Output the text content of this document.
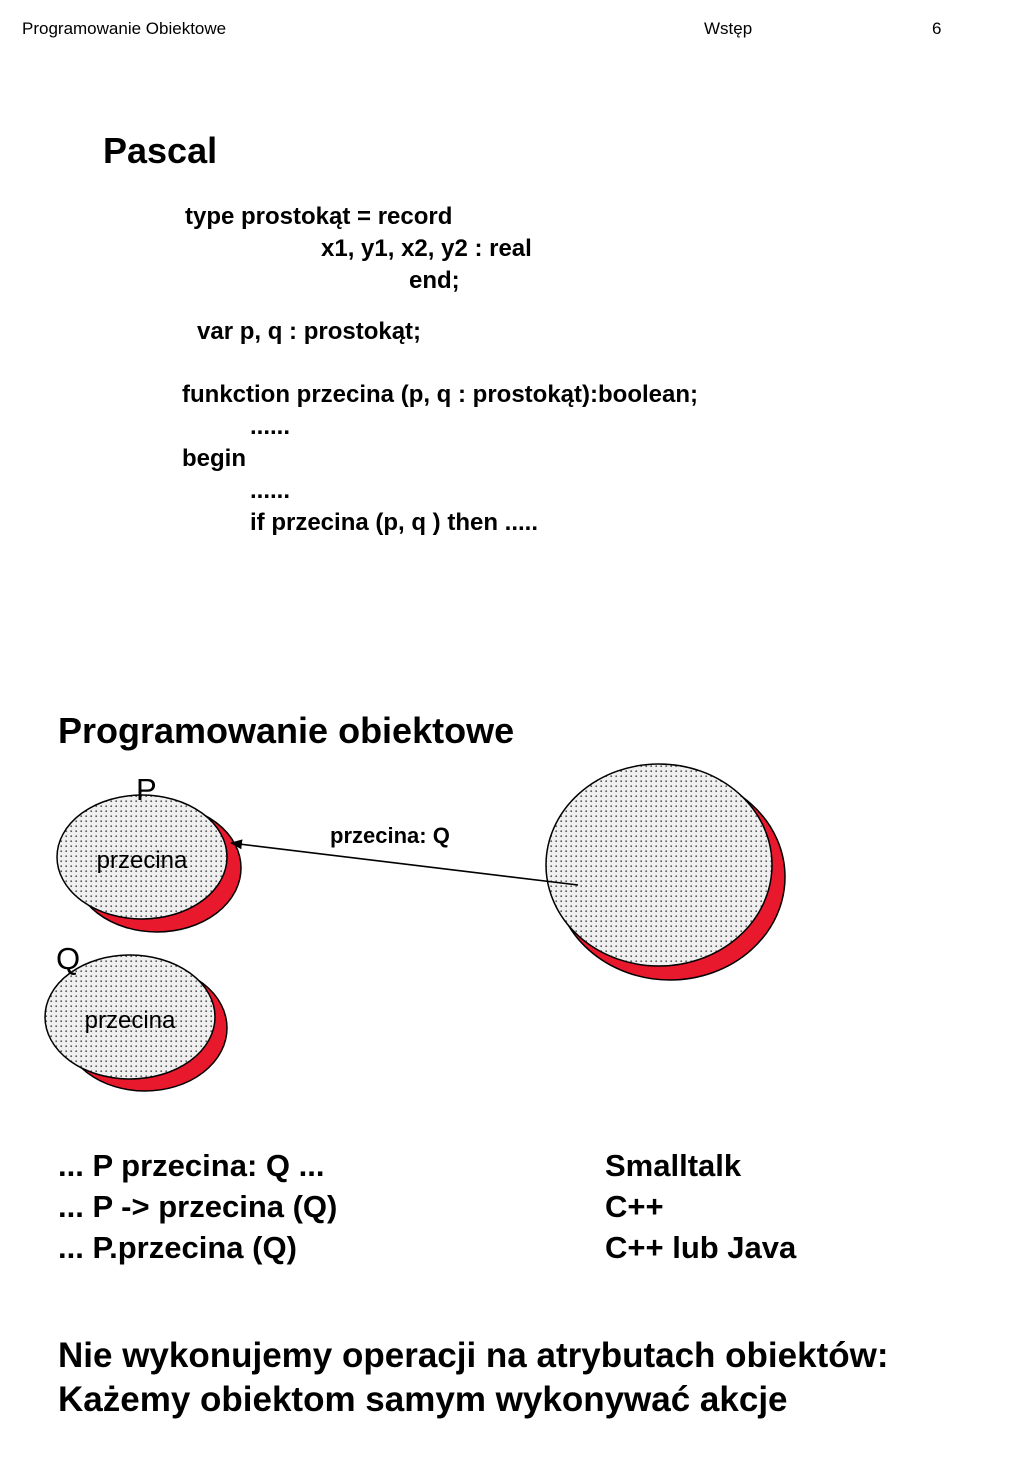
Programowanie Obiektowe	Wstęp	6
Pascal
type prostokąt = record
x1, y1, x2, y2 : real
end;
var p, q : prostokąt;
funkction przecina (p, q : prostokąt):boolean;
......
begin
......
if przecina (p, q ) then .....
Programowanie obiektowe
przecina
P
przecina
Q
przecina: Q
... P przecina: Q ...
... P -> przecina (Q)
... P.przecina (Q)
Smalltalk
C++
C++ lub Java
Nie wykonujemy operacji na atrybutach obiektów:
Każemy obiektom samym wykonywać akcje
